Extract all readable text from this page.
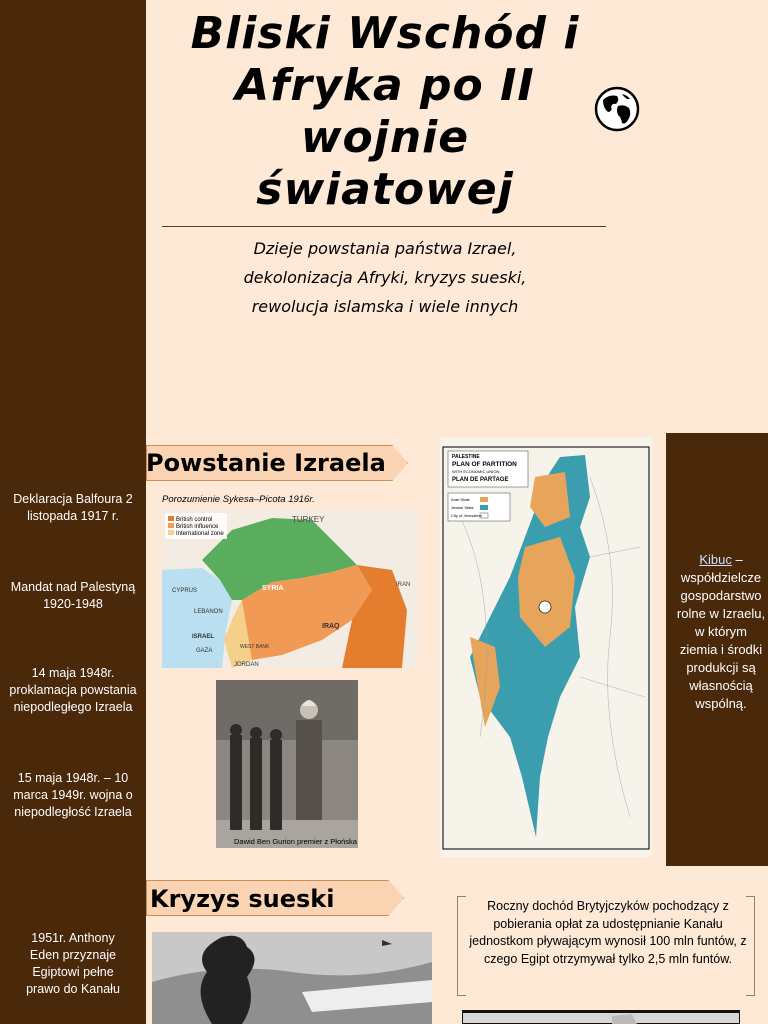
Deklaracja Balfoura 2 listopada 1917 r.
Mandat nad Palestyną 1920-1948
14 maja 1948r. proklamacja powstania niepodległego Izraela
15 maja 1948r. – 10 marca 1949r. wojna o niepodległość Izraela
1951r. Anthony Eden przyznaje Egiptowi pełne prawo do Kanału
Bliski Wschód i Afryka po II wojnie światowej
Dzieje powstania państwa Izrael,
dekolonizacja Afryki, kryzys sueski,
rewolucja islamska i wiele innych
Powstanie Izraela
Porozumienie Sykesa–Picota 1916r.
British control
British influence
International zone
TURKEY
CYPRUS	SYRIA
LEBANON
IRAQ
IRAN
ISRAEL
WEST BANK
GAZA
JORDAN
Dawid Ben Gurion premier z Płońska
PALESTINE
PLAN OF PARTITION
WITH ECONOMIC UNION
PLAN DE PARTAGE
Arab State
Jewish State
City of Jerusalem
Kibuc – współdzielcze gospodarstwo rolne w Izraelu, w którym ziemia i środki produkcji są własnością wspólną.
Kryzys sueski	Roczny dochód Brytyjczyków pochodzący z pobierania opłat za udostępnianie Kanału jednostkom pływającym wynosił 100 mln funtów, z czego Egipt otrzymywał tylko 2,5 mln funtów.
